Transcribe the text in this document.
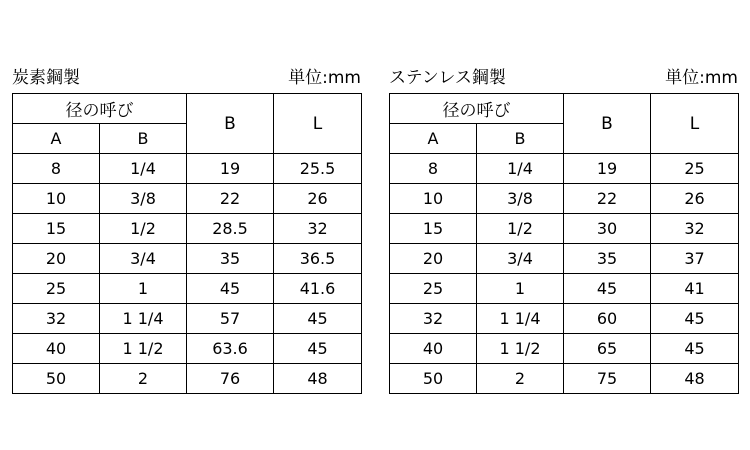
炭素鋼製	単位:mm
径の呼び		B	L
A	B		
8	1/4	19	25.5
10	3/8	22	26
15	1/2	28.5	32
20	3/4	35	36.5
25	1	45	41.6
32	1 1/4	57	45
40	1 1/2	63.6	45
50	2	76	48
ステンレス鋼製	単位:mm
径の呼び		B	L
A	B		
8	1/4	19	25
10	3/8	22	26
15	1/2	30	32
20	3/4	35	37
25	1	45	41
32	1 1/4	60	45
40	1 1/2	65	45
50	2	75	48
